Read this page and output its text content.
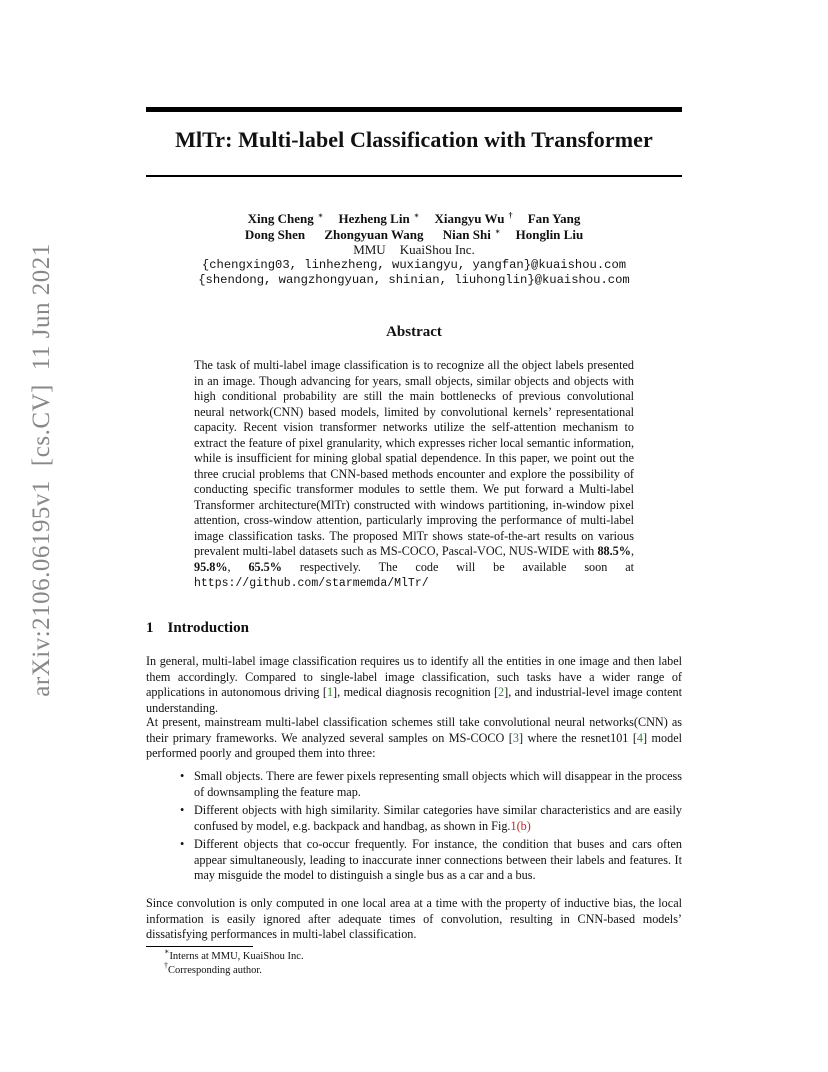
arXiv:2106.06195v1[cs.CV]11 Jun 2021
MlTr: Multi-label Classification with Transformer
Xing Cheng ∗ Hezheng Lin ∗ Xiangyu Wu † Fan Yang
Dong Shen Zhongyuan Wang Nian Shi ∗ Honglin Liu
MMU KuaiShou Inc.
{chengxing03, linhezheng, wuxiangyu, yangfan}@kuaishou.com
{shendong, wangzhongyuan, shinian, liuhonglin}@kuaishou.com
Abstract

The task of multi-label image classification is to recognize all the object labels presented in an image. Though advancing for years, small objects, similar objects and objects with high conditional probability are still the main bottlenecks of previous convolutional neural network(CNN) based models, limited by convolutional kernels’ representational capacity. Recent vision transformer networks utilize the self-attention mechanism to extract the feature of pixel granularity, which expresses richer local semantic information, while is insufficient for mining global spatial dependence. In this paper, we point out the three crucial problems that CNN-based methods encounter and explore the possibility of conducting specific transformer modules to settle them. We put forward a Multi-label Transformer architecture(MlTr) constructed with windows partitioning, in-window pixel attention, cross-window attention, particularly improving the performance of multi-label image classification tasks. The proposed MlTr shows state-of-the-art results on various prevalent multi-label datasets such as MS-COCO, Pascal-VOC, NUS-WIDE with 88.5%, 95.8%, 65.5% respectively. The code will be available soon at https://github.com/starmemda/MlTr/

1 Introduction

In general, multi-label image classification requires us to identify all the entities in one image and then label them accordingly. Compared to single-label image classification, such tasks have a wider range of applications in autonomous driving [1], medical diagnosis recognition [2], and industrial-level image content understanding.

At present, mainstream multi-label classification schemes still take convolutional neural networks(CNN) as their primary frameworks. We analyzed several samples on MS-COCO [3] where the resnet101 [4] model performed poorly and grouped them into three:

• Small objects. There are fewer pixels representing small objects which will disappear in the process of downsampling the feature map.
• Different objects with high similarity. Similar categories have similar characteristics and are easily confused by model, e.g. backpack and handbag, as shown in Fig.1(b)
• Different objects that co-occur frequently. For instance, the condition that buses and cars often appear simultaneously, leading to inaccurate inner connections between their labels and features. It may misguide the model to distinguish a single bus as a car and a bus.

Since convolution is only computed in one local area at a time with the property of inductive bias, the local information is easily ignored after adequate times of convolution, resulting in CNN-based models’ dissatisfying performances in multi-label classification.

∗Interns at MMU, KuaiShou Inc.
†Corresponding author.
